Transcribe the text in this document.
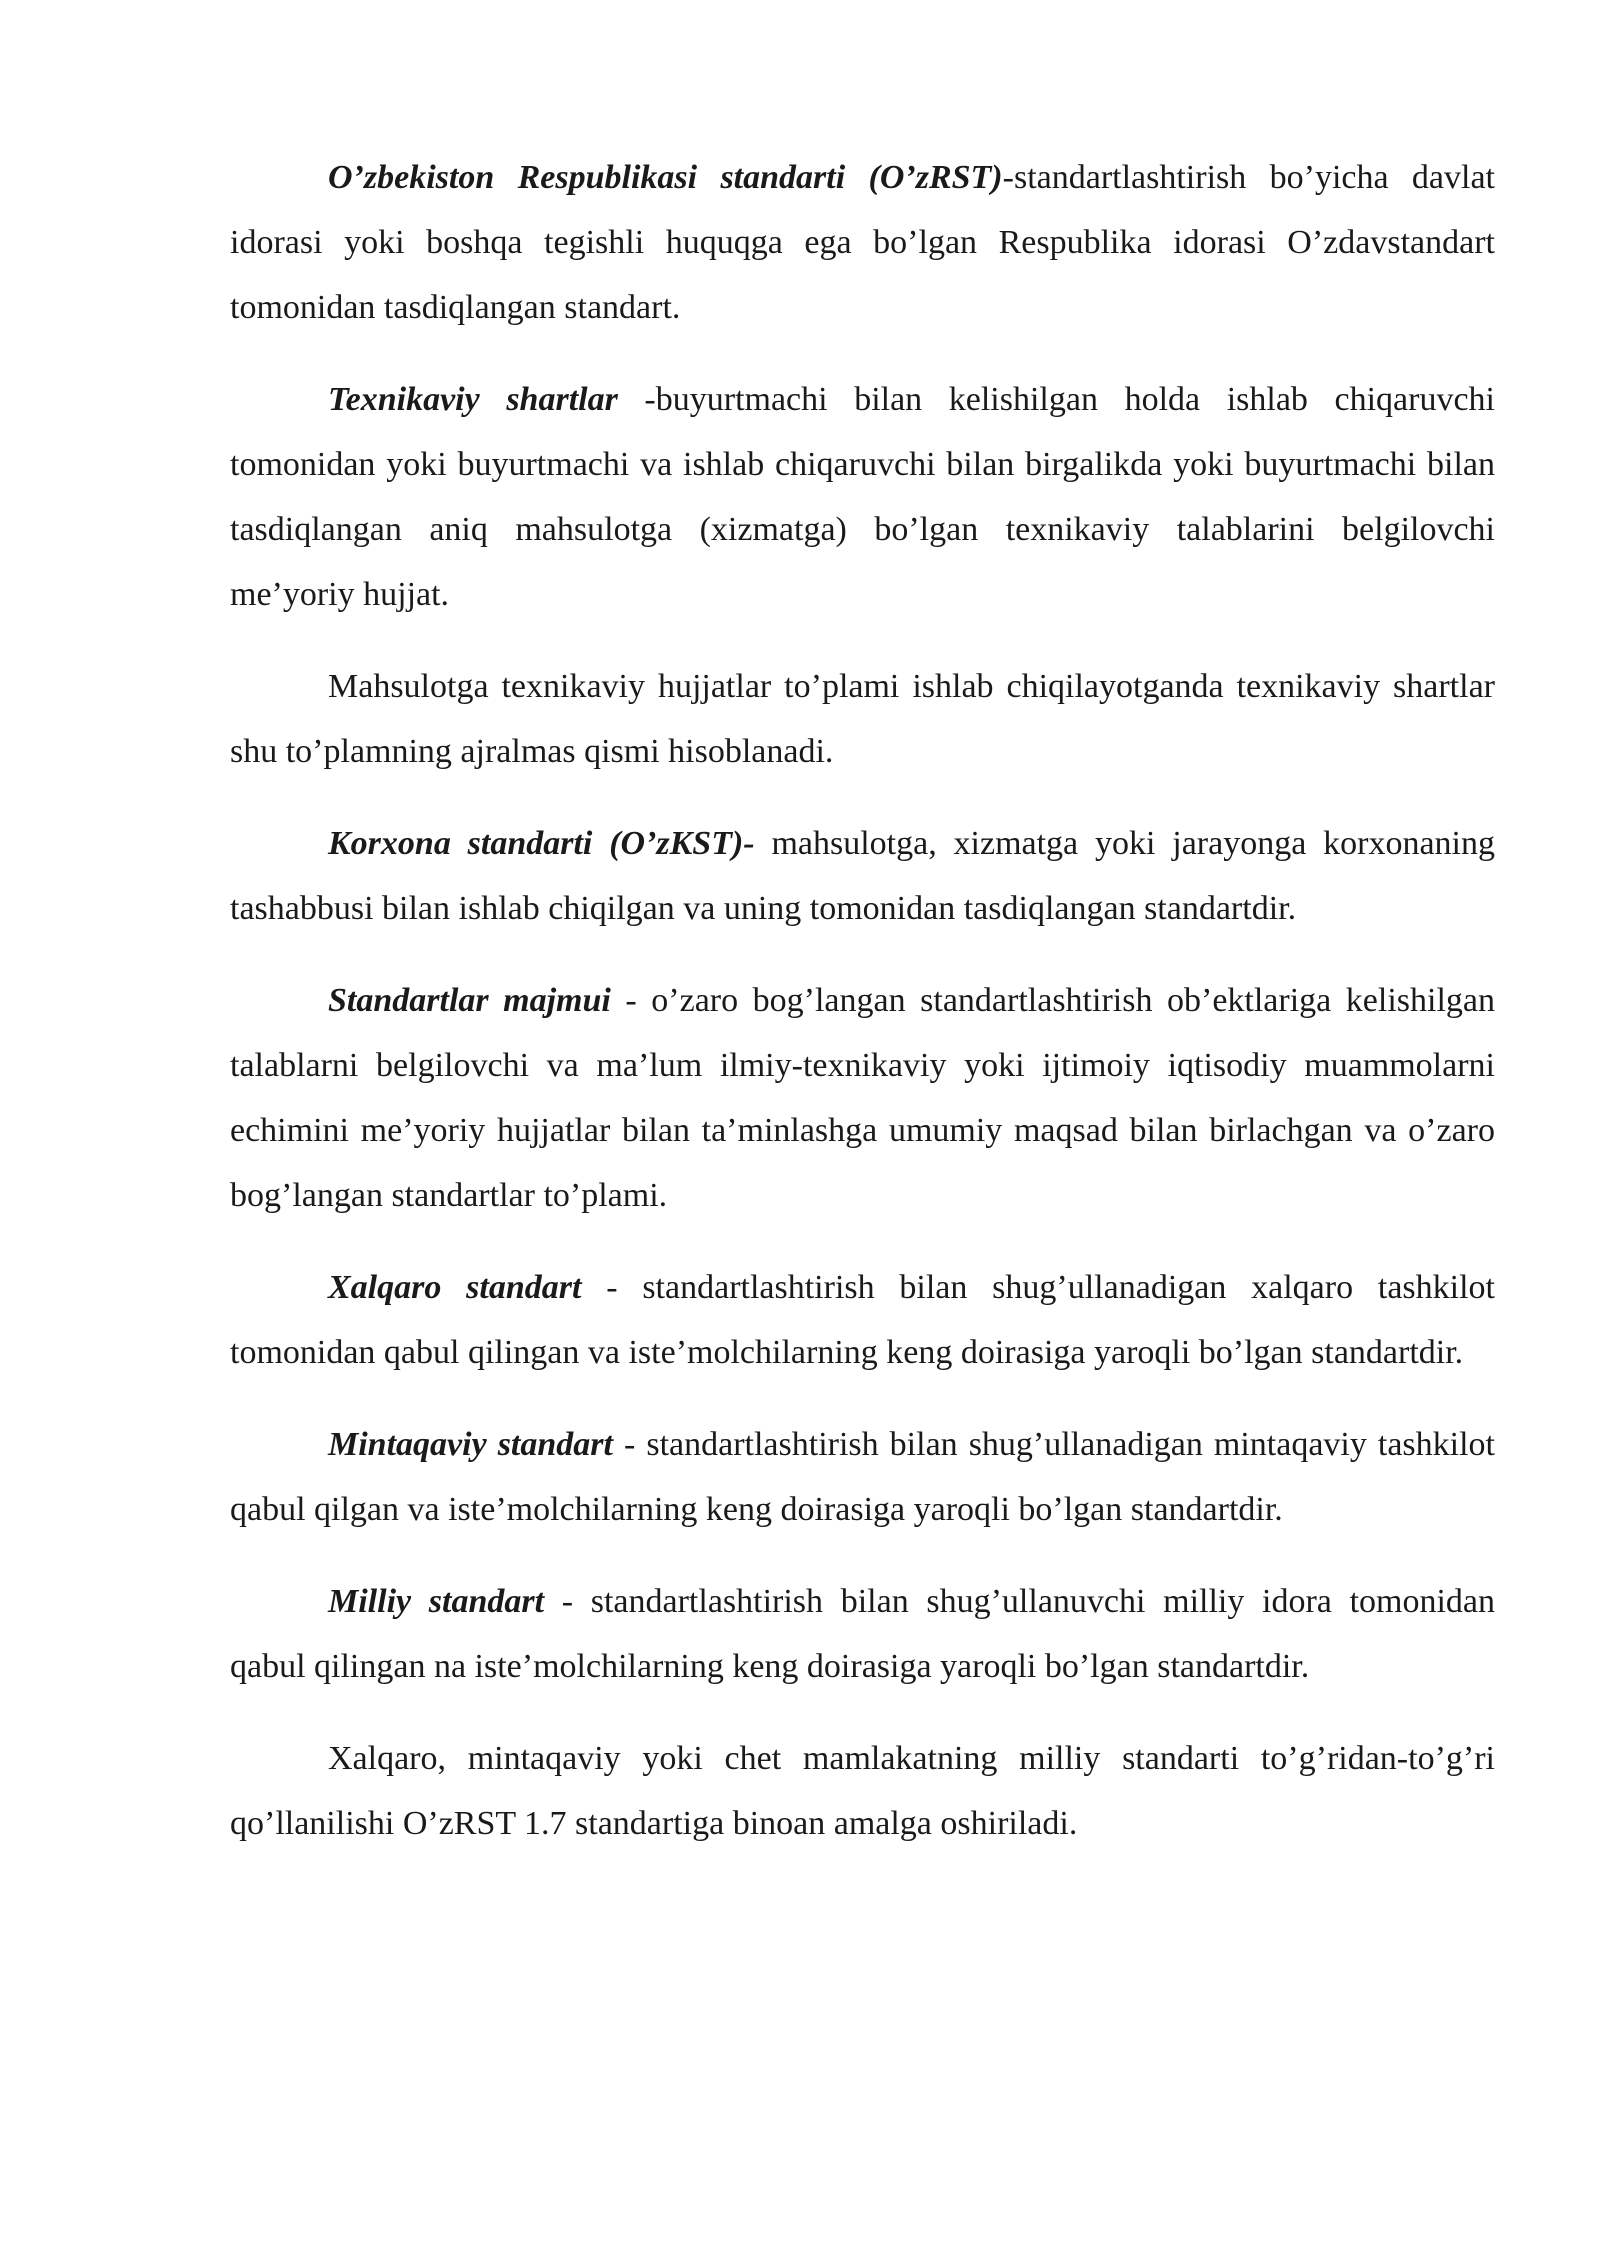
O’zbekiston Respublikasi standarti (O’zRST)-standartlashtirish bo’yicha davlat idorasi yoki boshqa tegishli huquqga ega bo’lgan Respublika idorasi O’zdavstandart tomonidan tasdiqlangan standart.

Texnikaviy shartlar -buyurtmachi bilan kelishilgan holda ishlab chiqaruvchi tomonidan yoki buyurtmachi va ishlab chiqaruvchi bilan birgalikda yoki buyurtmachi bilan tasdiqlangan aniq mahsulotga (xizmatga) bo’lgan texnikaviy talablarini belgilovchi me’yoriy hujjat.

Mahsulotga texnikaviy hujjatlar to’plami ishlab chiqilayotganda texnikaviy shartlar shu to’plamning ajralmas qismi hisoblanadi.

Korxona standarti (O’zKST)- mahsulotga, xizmatga yoki jarayonga korxonaning tashabbusi bilan ishlab chiqilgan va uning tomonidan tasdiqlangan standartdir.

Standartlar majmui - o’zaro bog’langan standartlashtirish ob’ektlariga kelishilgan talablarni belgilovchi va ma’lum ilmiy-texnikaviy yoki ijtimoiy iqtisodiy muammolarni echimini me’yoriy hujjatlar bilan ta’minlashga umumiy maqsad bilan birlachgan va o’zaro bog’langan standartlar to’plami.

Xalqaro standart - standartlashtirish bilan shug’ullanadigan xalqaro tashkilot tomonidan qabul qilingan va iste’molchilarning keng doirasiga yaroqli bo’lgan standartdir.

Mintaqaviy standart - standartlashtirish bilan shug’ullanadigan mintaqaviy tashkilot qabul qilgan va iste’molchilarning keng doirasiga yaroqli bo’lgan standartdir.

Milliy standart - standartlashtirish bilan shug’ullanuvchi milliy idora tomonidan qabul qilingan na iste’molchilarning keng doirasiga yaroqli bo’lgan standartdir.

Xalqaro, mintaqaviy yoki chet mamlakatning milliy standarti to’g’ridan-to’g’ri qo’llanilishi O’zRST 1.7 standartiga binoan amalga oshiriladi.
